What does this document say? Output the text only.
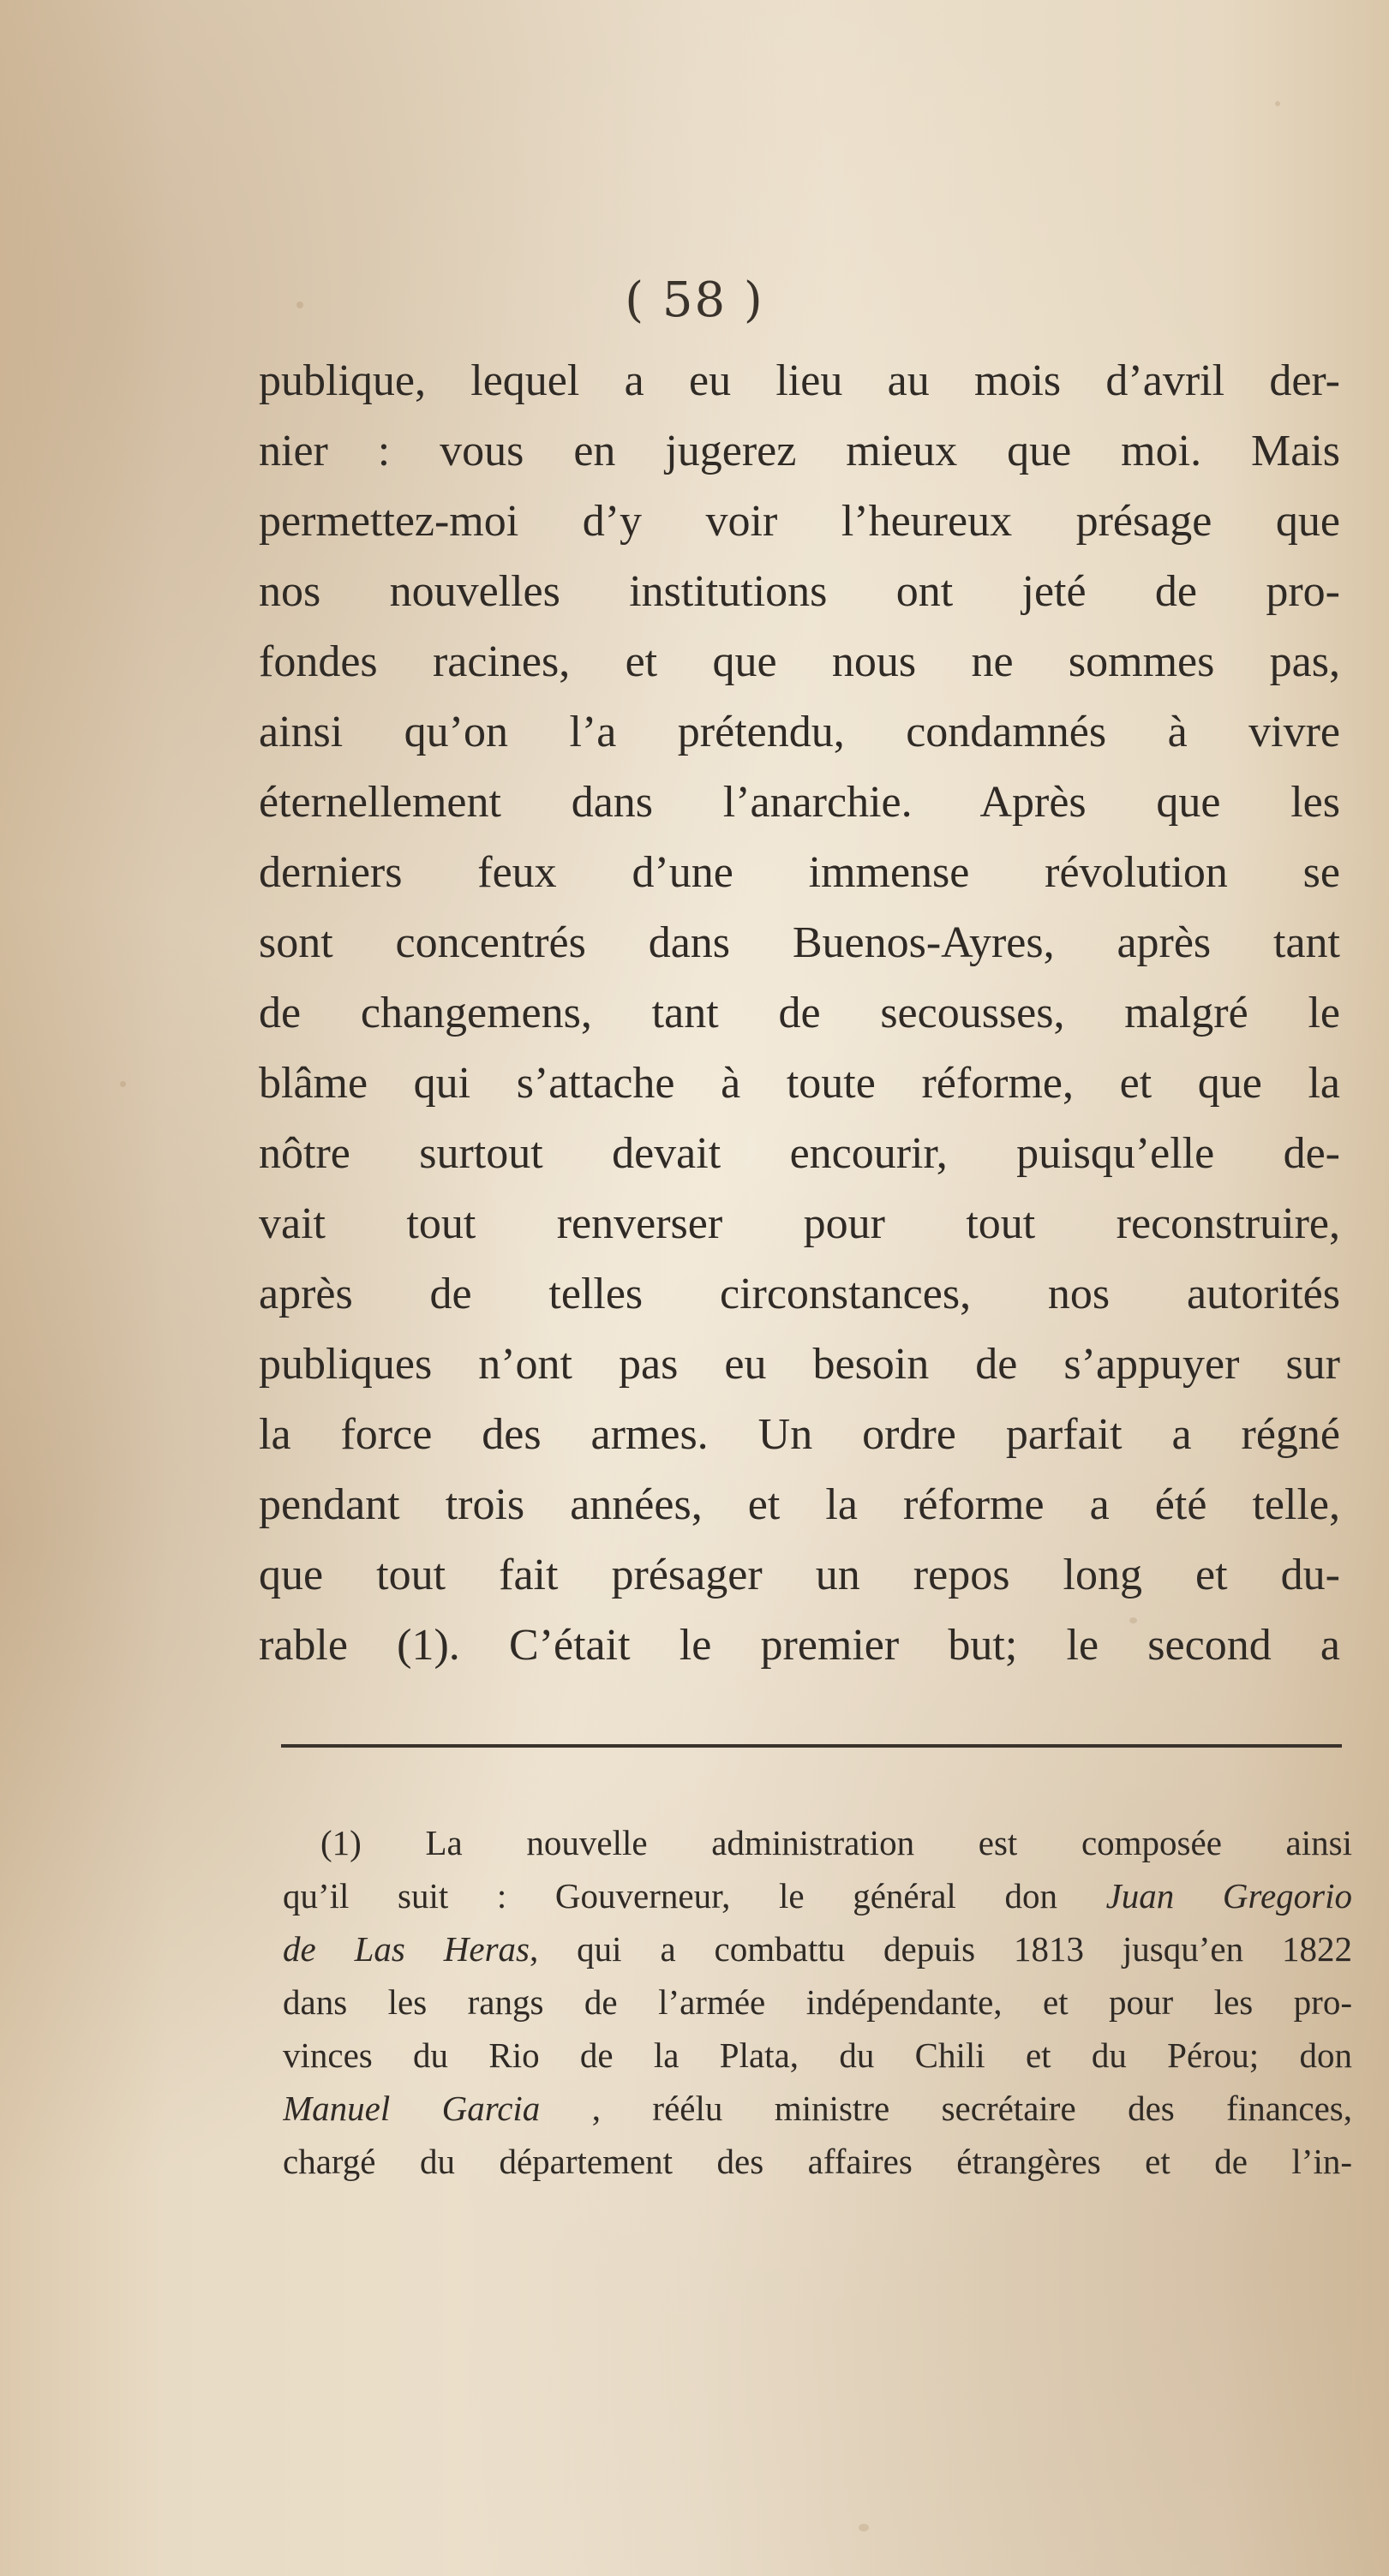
( 58 )
publique, lequel a eu lieu au mois d’avril der-
nier : vous en jugerez mieux que moi. Mais
permettez-moi d’y voir l’heureux présage que
nos nouvelles institutions ont jeté de pro-
fondes racines, et que nous ne sommes pas,
ainsi qu’on l’a prétendu, condamnés à vivre
éternellement dans l’anarchie. Après que les
derniers feux d’une immense révolution se
sont concentrés dans Buenos-Ayres, après tant
de changemens, tant de secousses, malgré le
blâme qui s’attache à toute réforme, et que la
nôtre surtout devait encourir, puisqu’elle de-
vait tout renverser pour tout reconstruire,
après de telles circonstances, nos autorités
publiques n’ont pas eu besoin de s’appuyer sur
la force des armes. Un ordre parfait a régné
pendant trois années, et la réforme a été telle,
que tout fait présager un repos long et du-
rable (1). C’était le premier but; le second a
(1) La nouvelle administration est composée ainsi
qu’il suit : Gouverneur, le général don Juan Gregorio
de Las Heras, qui a combattu depuis 1813 jusqu’en 1822
dans les rangs de l’armée indépendante, et pour les pro-
vinces du Rio de la Plata, du Chili et du Pérou; don
Manuel Garcia , réélu ministre secrétaire des finances,
chargé du département des affaires étrangères et de l’in-
